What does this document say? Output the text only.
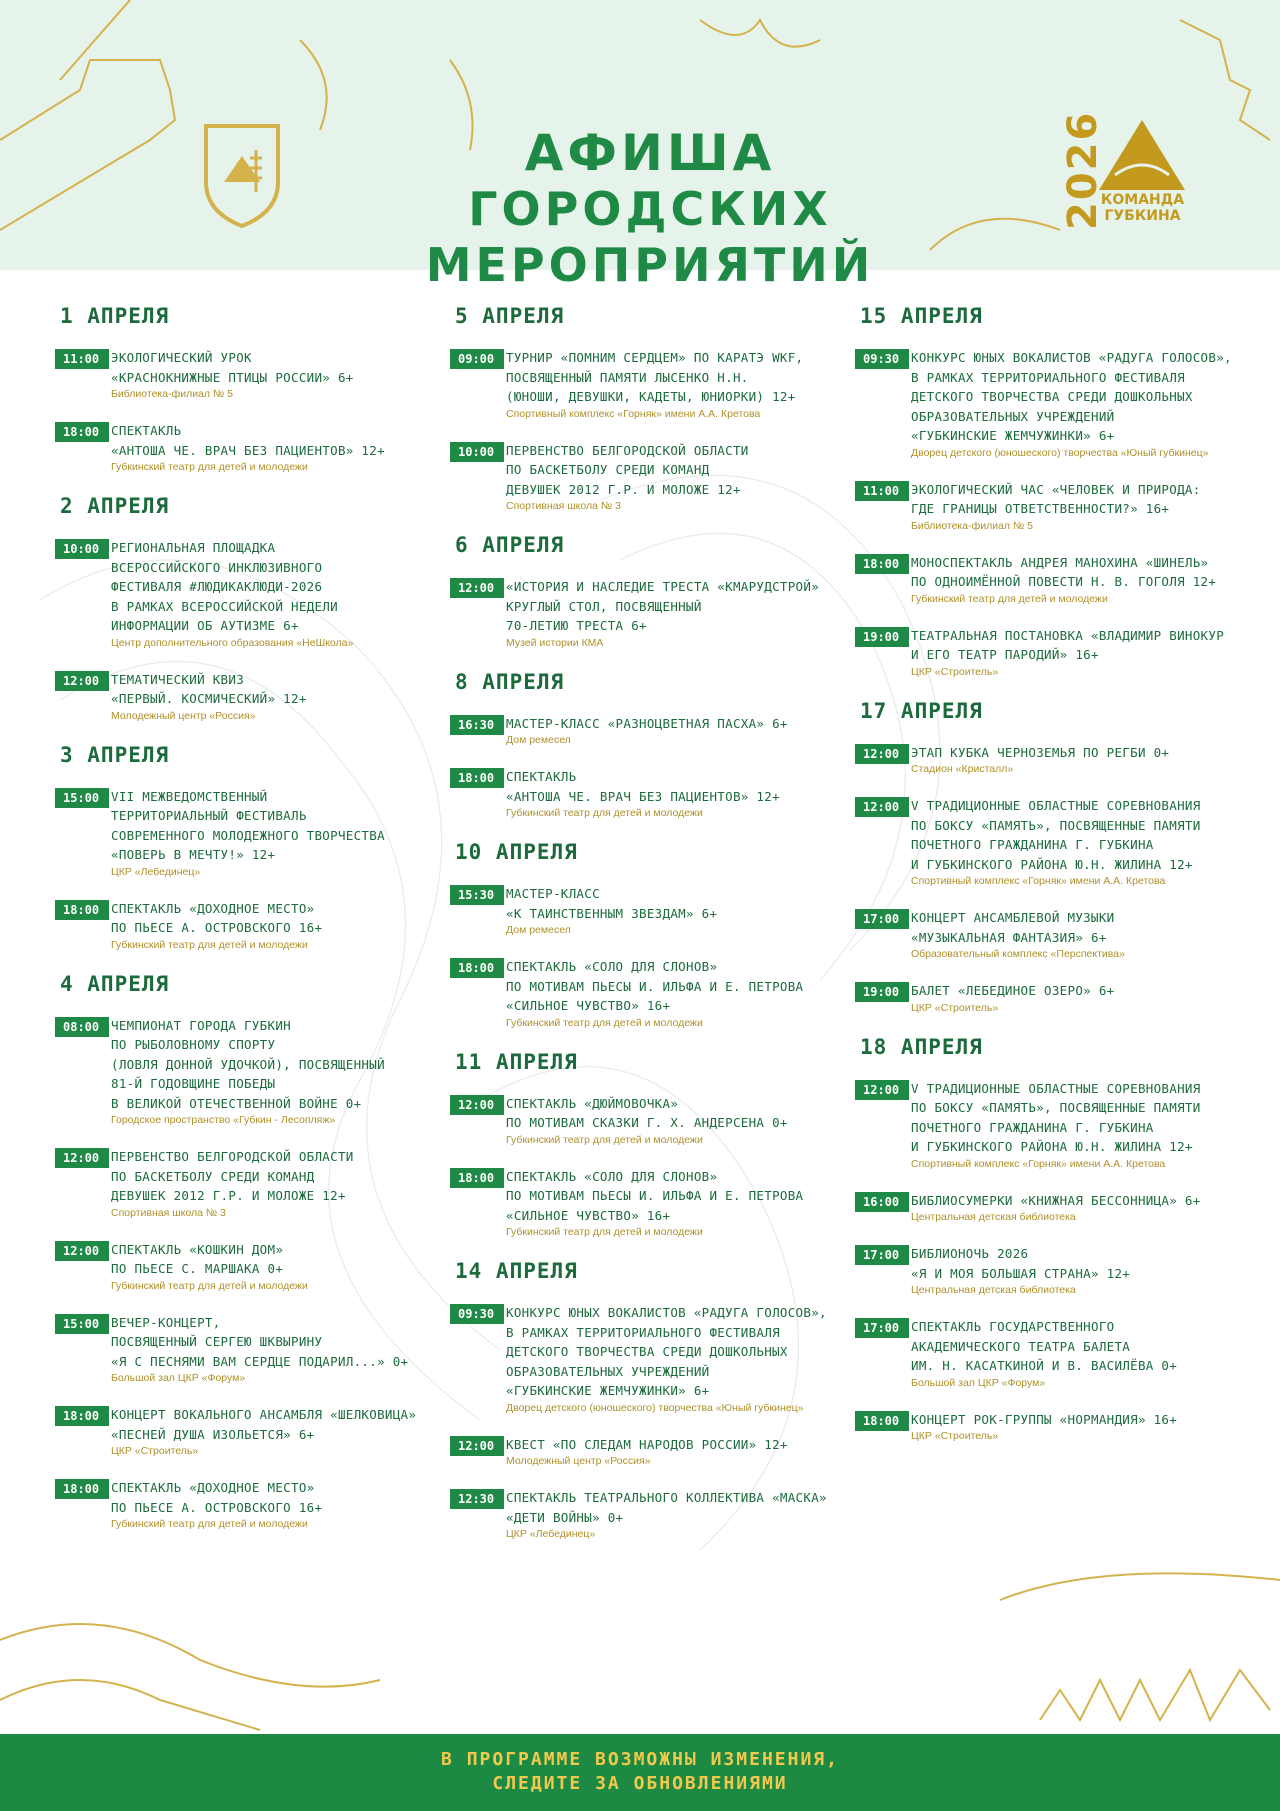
АФИША
ГОРОДСКИХ МЕРОПРИЯТИЙ
2026
КОМАНДА
ГУБКИНА
1 АПРЕЛЯ
11:00 ЭКОЛОГИЧЕСКИЙ УРОК
«КРАСНОКНИЖНЫЕ ПТИЦЫ РОССИИ» 6+
Библиотека-филиал № 5
18:00 СПЕКТАКЛЬ
«АНТОША ЧЕ. ВРАЧ БЕЗ ПАЦИЕНТОВ» 12+
Губкинский театр для детей и молодежи
2 АПРЕЛЯ
10:00 РЕГИОНАЛЬНАЯ ПЛОЩАДКА
ВСЕРОССИЙСКОГО ИНКЛЮЗИВНОГО
ФЕСТИВАЛЯ #ЛЮДИКАКЛЮДИ-2026
В РАМКАХ ВСЕРОССИЙСКОЙ НЕДЕЛИ
ИНФОРМАЦИИ ОБ АУТИЗМЕ 6+
Центр дополнительного образования «НеШкола»
12:00 ТЕМАТИЧЕСКИЙ КВИЗ
«ПЕРВЫЙ. КОСМИЧЕСКИЙ» 12+
Молодежный центр «Россия»
3 АПРЕЛЯ
15:00 VII МЕЖВЕДОМСТВЕННЫЙ
ТЕРРИТОРИАЛЬНЫЙ ФЕСТИВАЛЬ
СОВРЕМЕННОГО МОЛОДЕЖНОГО ТВОРЧЕСТВА
«ПОВЕРЬ В МЕЧТУ!» 12+
ЦКР «Лебединец»
18:00 СПЕКТАКЛЬ «ДОХОДНОЕ МЕСТО»
ПО ПЬЕСЕ А. ОСТРОВСКОГО 16+
Губкинский театр для детей и молодежи
4 АПРЕЛЯ
08:00 ЧЕМПИОНАТ ГОРОДА ГУБКИН
ПО РЫБОЛОВНОМУ СПОРТУ
(ЛОВЛЯ ДОННОЙ УДОЧКОЙ), ПОСВЯЩЕННЫЙ
81-Й ГОДОВЩИНЕ ПОБЕДЫ
В ВЕЛИКОЙ ОТЕЧЕСТВЕННОЙ ВОЙНЕ 0+
Городское пространство «Губкин - Лесопляж»
12:00 ПЕРВЕНСТВО БЕЛГОРОДСКОЙ ОБЛАСТИ
ПО БАСКЕТБОЛУ СРЕДИ КОМАНД
ДЕВУШЕК 2012 Г.Р. И МОЛОЖЕ 12+
Спортивная школа № 3
12:00 СПЕКТАКЛЬ «КОШКИН ДОМ»
ПО ПЬЕСЕ С. МАРШАКА 0+
Губкинский театр для детей и молодежи
15:00 ВЕЧЕР-КОНЦЕРТ,
ПОСВЯЩЕННЫЙ СЕРГЕЮ ШКВЫРИНУ
«Я С ПЕСНЯМИ ВАМ СЕРДЦЕ ПОДАРИЛ...» 0+
Большой зал ЦКР «Форум»
18:00 КОНЦЕРТ ВОКАЛЬНОГО АНСАМБЛЯ «ШЕЛКОВИЦА»
«ПЕСНЕЙ ДУША ИЗОЛЬЕТСЯ» 6+
ЦКР «Строитель»
18:00 СПЕКТАКЛЬ «ДОХОДНОЕ МЕСТО»
ПО ПЬЕСЕ А. ОСТРОВСКОГО 16+
Губкинский театр для детей и молодежи
5 АПРЕЛЯ
09:00 ТУРНИР «ПОМНИМ СЕРДЦЕМ» ПО КАРАТЭ WKF,
ПОСВЯЩЕННЫЙ ПАМЯТИ ЛЫСЕНКО Н.Н.
(ЮНОШИ, ДЕВУШКИ, КАДЕТЫ, ЮНИОРКИ) 12+
Спортивный комплекс «Горняк» имени А.А. Кретова
10:00 ПЕРВЕНСТВО БЕЛГОРОДСКОЙ ОБЛАСТИ
ПО БАСКЕТБОЛУ СРЕДИ КОМАНД
ДЕВУШЕК 2012 Г.Р. И МОЛОЖЕ 12+
Спортивная школа № 3
6 АПРЕЛЯ
12:00 «ИСТОРИЯ И НАСЛЕДИЕ ТРЕСТА «КМАРУДСТРОЙ»
КРУГЛЫЙ СТОЛ, ПОСВЯЩЕННЫЙ
70-ЛЕТИЮ ТРЕСТА 6+
Музей истории КМА
8 АПРЕЛЯ
16:30 МАСТЕР-КЛАСС «РАЗНОЦВЕТНАЯ ПАСХА» 6+
Дом ремесел
18:00 СПЕКТАКЛЬ
«АНТОША ЧЕ. ВРАЧ БЕЗ ПАЦИЕНТОВ» 12+
Губкинский театр для детей и молодежи
10 АПРЕЛЯ
15:30 МАСТЕР-КЛАСС
«К ТАИНСТВЕННЫМ ЗВЕЗДАМ» 6+
Дом ремесел
18:00 СПЕКТАКЛЬ «СОЛО ДЛЯ СЛОНОВ»
ПО МОТИВАМ ПЬЕСЫ И. ИЛЬФА И Е. ПЕТРОВА
«СИЛЬНОЕ ЧУВСТВО» 16+
Губкинский театр для детей и молодежи
11 АПРЕЛЯ
12:00 СПЕКТАКЛЬ «ДЮЙМОВОЧКА»
ПО МОТИВАМ СКАЗКИ Г. Х. АНДЕРСЕНА 0+
Губкинский театр для детей и молодежи
18:00 СПЕКТАКЛЬ «СОЛО ДЛЯ СЛОНОВ»
ПО МОТИВАМ ПЬЕСЫ И. ИЛЬФА И Е. ПЕТРОВА
«СИЛЬНОЕ ЧУВСТВО» 16+
Губкинский театр для детей и молодежи
14 АПРЕЛЯ
09:30 КОНКУРС ЮНЫХ ВОКАЛИСТОВ «РАДУГА ГОЛОСОВ»,
В РАМКАХ ТЕРРИТОРИАЛЬНОГО ФЕСТИВАЛЯ
ДЕТСКОГО ТВОРЧЕСТВА СРЕДИ ДОШКОЛЬНЫХ
ОБРАЗОВАТЕЛЬНЫХ УЧРЕЖДЕНИЙ
«ГУБКИНСКИЕ ЖЕМЧУЖИНКИ» 6+
Дворец детского (юношеского) творчества «Юный губкинец»
12:00 КВЕСТ «ПО СЛЕДАМ НАРОДОВ РОССИИ» 12+
Молодежный центр «Россия»
12:30 СПЕКТАКЛЬ ТЕАТРАЛЬНОГО КОЛЛЕКТИВА «МАСКА»
«ДЕТИ ВОЙНЫ» 0+
ЦКР «Лебединец»
15 АПРЕЛЯ
09:30 КОНКУРС ЮНЫХ ВОКАЛИСТОВ «РАДУГА ГОЛОСОВ»,
В РАМКАХ ТЕРРИТОРИАЛЬНОГО ФЕСТИВАЛЯ
ДЕТСКОГО ТВОРЧЕСТВА СРЕДИ ДОШКОЛЬНЫХ
ОБРАЗОВАТЕЛЬНЫХ УЧРЕЖДЕНИЙ
«ГУБКИНСКИЕ ЖЕМЧУЖИНКИ» 6+
Дворец детского (юношеского) творчества «Юный губкинец»
11:00 ЭКОЛОГИЧЕСКИЙ ЧАС «ЧЕЛОВЕК И ПРИРОДА:
ГДЕ ГРАНИЦЫ ОТВЕТСТВЕННОСТИ?» 16+
Библиотека-филиал № 5
18:00 МОНОСПЕКТАКЛЬ АНДРЕЯ МАНОХИНА «ШИНЕЛЬ»
ПО ОДНОИМЁННОЙ ПОВЕСТИ Н. В. ГОГОЛЯ 12+
Губкинский театр для детей и молодежи
19:00 ТЕАТРАЛЬНАЯ ПОСТАНОВКА «ВЛАДИМИР ВИНОКУР
И ЕГО ТЕАТР ПАРОДИЙ» 16+
ЦКР «Строитель»
17 АПРЕЛЯ
12:00 ЭТАП КУБКА ЧЕРНОЗЕМЬЯ ПО РЕГБИ 0+
Стадион «Кристалл»
12:00 V ТРАДИЦИОННЫЕ ОБЛАСТНЫЕ СОРЕВНОВАНИЯ
ПО БОКСУ «ПАМЯТЬ», ПОСВЯЩЕННЫЕ ПАМЯТИ
ПОЧЕТНОГО ГРАЖДАНИНА Г. ГУБКИНА
И ГУБКИНСКОГО РАЙОНА Ю.Н. ЖИЛИНА 12+
Спортивный комплекс «Горняк» имени А.А. Кретова
17:00 КОНЦЕРТ АНСАМБЛЕВОЙ МУЗЫКИ
«МУЗЫКАЛЬНАЯ ФАНТАЗИЯ» 6+
Образовательный комплекс «Перспектива»
19:00 БАЛЕТ «ЛЕБЕДИНОЕ ОЗЕРО» 6+
ЦКР «Строитель»
18 АПРЕЛЯ
12:00 V ТРАДИЦИОННЫЕ ОБЛАСТНЫЕ СОРЕВНОВАНИЯ
ПО БОКСУ «ПАМЯТЬ», ПОСВЯЩЕННЫЕ ПАМЯТИ
ПОЧЕТНОГО ГРАЖДАНИНА Г. ГУБКИНА
И ГУБКИНСКОГО РАЙОНА Ю.Н. ЖИЛИНА 12+
Спортивный комплекс «Горняк» имени А.А. Кретова
16:00 БИБЛИОСУМЕРКИ «КНИЖНАЯ БЕССОННИЦА» 6+
Центральная детская библиотека
17:00 БИБЛИОНОЧЬ 2026
«Я И МОЯ БОЛЬШАЯ СТРАНА» 12+
Центральная детская библиотека
17:00 СПЕКТАКЛЬ ГОСУДАРСТВЕННОГО
АКАДЕМИЧЕСКОГО ТЕАТРА БАЛЕТА
ИМ. Н. КАСАТКИНОЙ И В. ВАСИЛЁВА 0+
Большой зал ЦКР «Форум»
18:00 КОНЦЕРТ РОК-ГРУППЫ «НОРМАНДИЯ» 16+
ЦКР «Строитель»
В ПРОГРАММЕ ВОЗМОЖНЫ ИЗМЕНЕНИЯ,
СЛЕДИТЕ ЗА ОБНОВЛЕНИЯМИ
